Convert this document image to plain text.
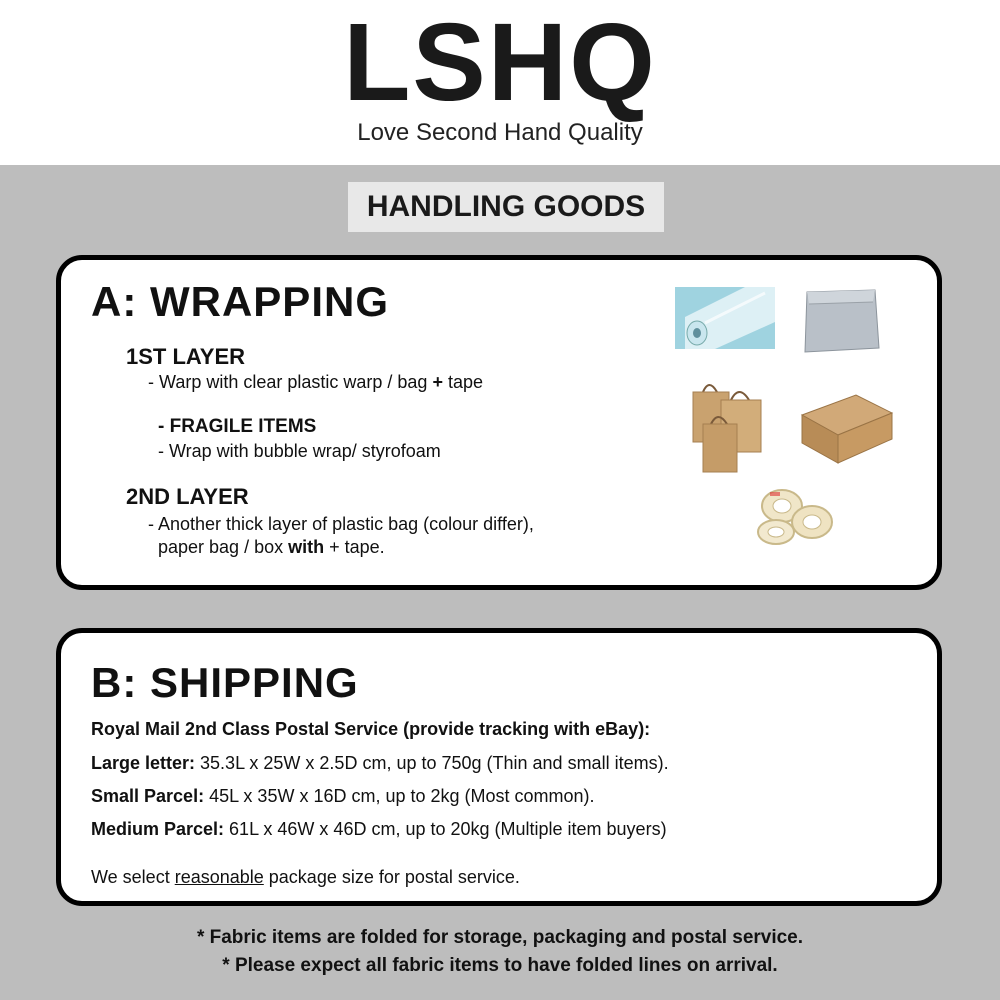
LSHQ
Love Second Hand Quality
HANDLING GOODS
A: WRAPPING
1ST LAYER
- Warp with clear plastic warp / bag + tape
- FRAGILE ITEMS
- Wrap with bubble wrap/ styrofoam
2ND LAYER
- Another thick layer of plastic bag (colour differ),
paper bag / box with + tape.
B: SHIPPING
Royal Mail 2nd Class Postal Service (provide tracking with eBay):
Large letter: 35.3L x 25W x 2.5D cm, up to 750g (Thin and small items).
Small Parcel: 45L x 35W x 16D cm, up to 2kg (Most common).
Medium Parcel: 61L x 46W x 46D cm, up to 20kg (Multiple item buyers)
We select reasonable package size for postal service.
* Fabric items are folded for storage, packaging and postal service.
* Please expect all fabric items to have folded lines on arrival.
